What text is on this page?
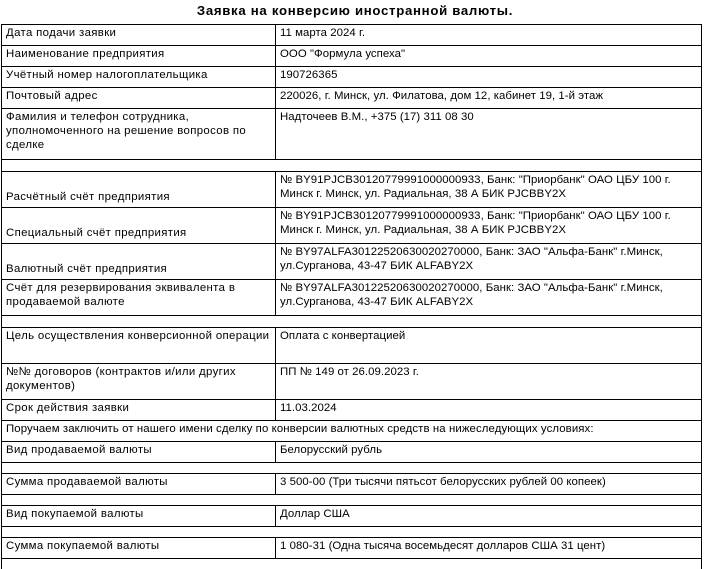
Заявка на конверсию иностранной валюты.
Дата подачи заявки	11 марта 2024 г.
Наименование предприятия	ООО "Формула успеха"
Учётный номер налогоплательщика	190726365
Почтовый адрес	220026, г. Минск, ул. Филатова, дом 12, кабинет 19, 1-й этаж
Фамилия и телефон сотрудника, уполномоченного на решение вопросов по сделке	Надточеев В.М., +375 (17) 311 08 30

Расчётный счёт предприятия	№ BY91PJCB30120779991000000933, Банк: "Приорбанк" ОАО ЦБУ 100 г. Минск г. Минск, ул. Радиальная, 38 А БИК PJCBBY2X
Специальный счёт предприятия	№ BY91PJCB30120779991000000933, Банк: "Приорбанк" ОАО ЦБУ 100 г. Минск г. Минск, ул. Радиальная, 38 А БИК PJCBBY2X
Валютный счёт предприятия	№ BY97ALFA30122520630020270000, Банк: ЗАО "Альфа-Банк" г.Минск, ул.Сурганова, 43-47 БИК ALFABY2X
Счёт для резервирования эквивалента в продаваемой валюте	№ BY97ALFA30122520630020270000, Банк: ЗАО "Альфа-Банк" г.Минск, ул.Сурганова, 43-47 БИК ALFABY2X

Цель осуществления конверсионной операции	Оплата с конвертацией
№№ договоров (контрактов и/или других документов)	ПП № 149 от 26.09.2023 г.
Срок действия заявки	11.03.2024
Поручаем заключить от нашего имени сделку по конверсии валютных средств на нижеследующих условиях:	
Вид продаваемой валюты	Белорусский рубль

Сумма продаваемой валюты	3 500-00 (Три тысячи пятьсот белорусских рублей 00 копеек)

Вид покупаемой валюты	Доллар США

Сумма покупаемой валюты	1 080-31 (Одна тысяча восемьдесят долларов США 31 цент)
